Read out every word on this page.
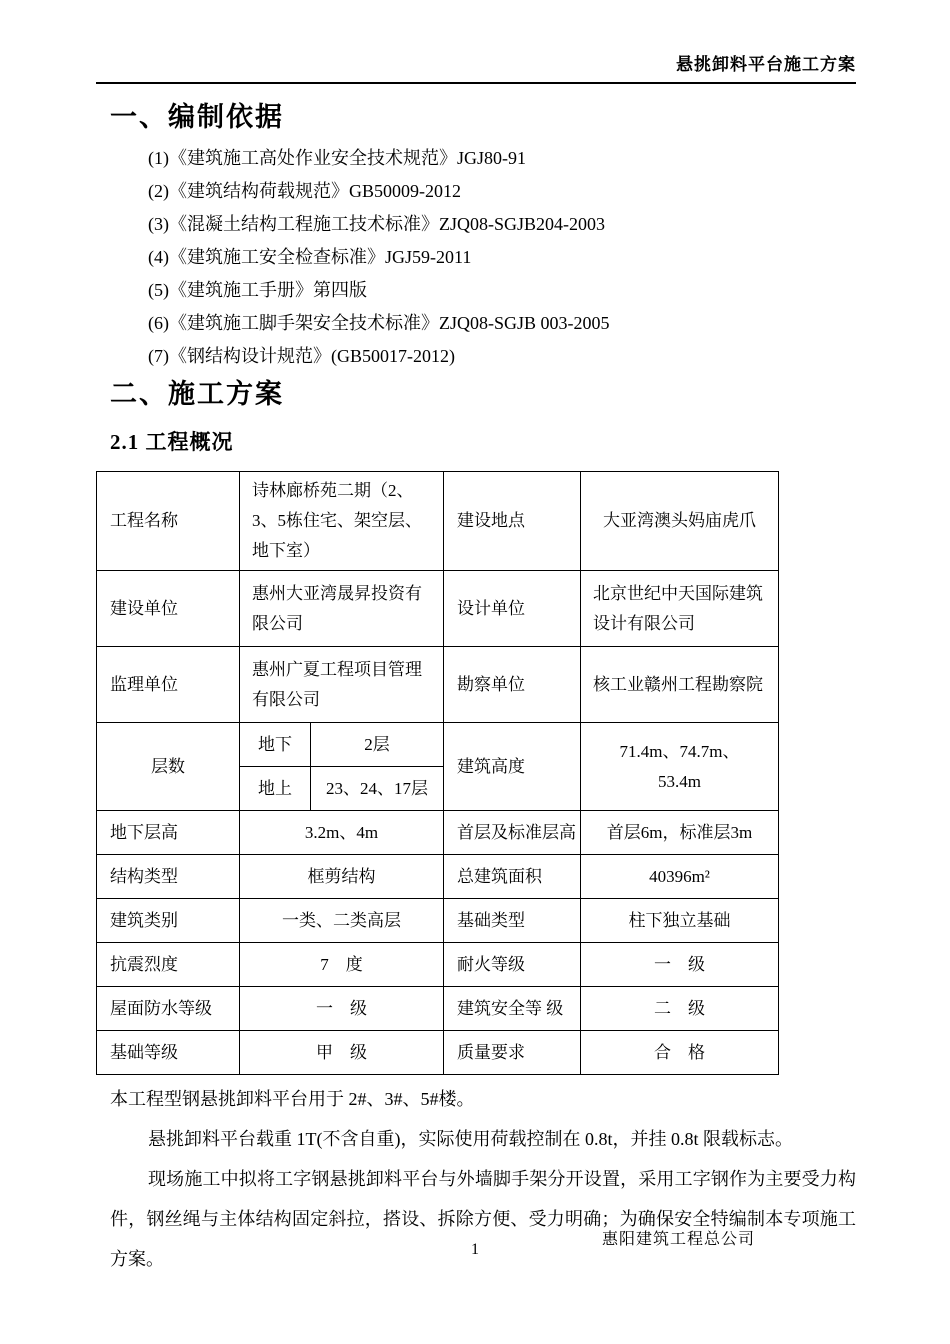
悬挑卸料平台施工方案
一、编制依据
(1)《建筑施工高处作业安全技术规范》JGJ80-91
(2)《建筑结构荷载规范》GB50009-2012
(3)《混凝土结构工程施工技术标准》ZJQ08-SGJB204-2003
(4)《建筑施工安全检查标准》JGJ59-2011
(5)《建筑施工手册》第四版
(6)《建筑施工脚手架安全技术标准》ZJQ08-SGJB 003-2005
(7)《钢结构设计规范》(GB50017-2012)
二、施工方案
2.1 工程概况
工程名称	诗林廊桥苑二期（2、3、5栋住宅、架空层、地下室）		建设地点	大亚湾澳头妈庙虎爪
建设单位	惠州大亚湾晟昇投资有限公司		设计单位	北京世纪中天国际建筑设计有限公司
监理单位	惠州广夏工程项目管理有限公司		勘察单位	核工业赣州工程勘察院
层数	地下	2层	建筑高度	71.4m、74.7m、53.4m
	地上	23、24、17层		
地下层高	3.2m、4m		首层及标准层高	首层6m，标准层3m
结构类型	框剪结构		总建筑面积	40396m²
建筑类别	一类、二类高层		基础类型	柱下独立基础
抗震烈度	7　度		耐火等级	一　级
屋面防水等级	一　级		建筑安全等 级	二　级
基础等级	甲　级		质量要求	合　格
本工程型钢悬挑卸料平台用于 2#、3#、5#楼。
悬挑卸料平台载重 1T(不含自重)，实际使用荷载控制在 0.8t，并挂 0.8t 限载标志。
现场施工中拟将工字钢悬挑卸料平台与外墙脚手架分开设置，采用工字钢作为主要受力构件，钢丝绳与主体结构固定斜拉，搭设、拆除方便、受力明确；为确保安全特编制本专项施工方案。
惠阳建筑工程总公司
1
